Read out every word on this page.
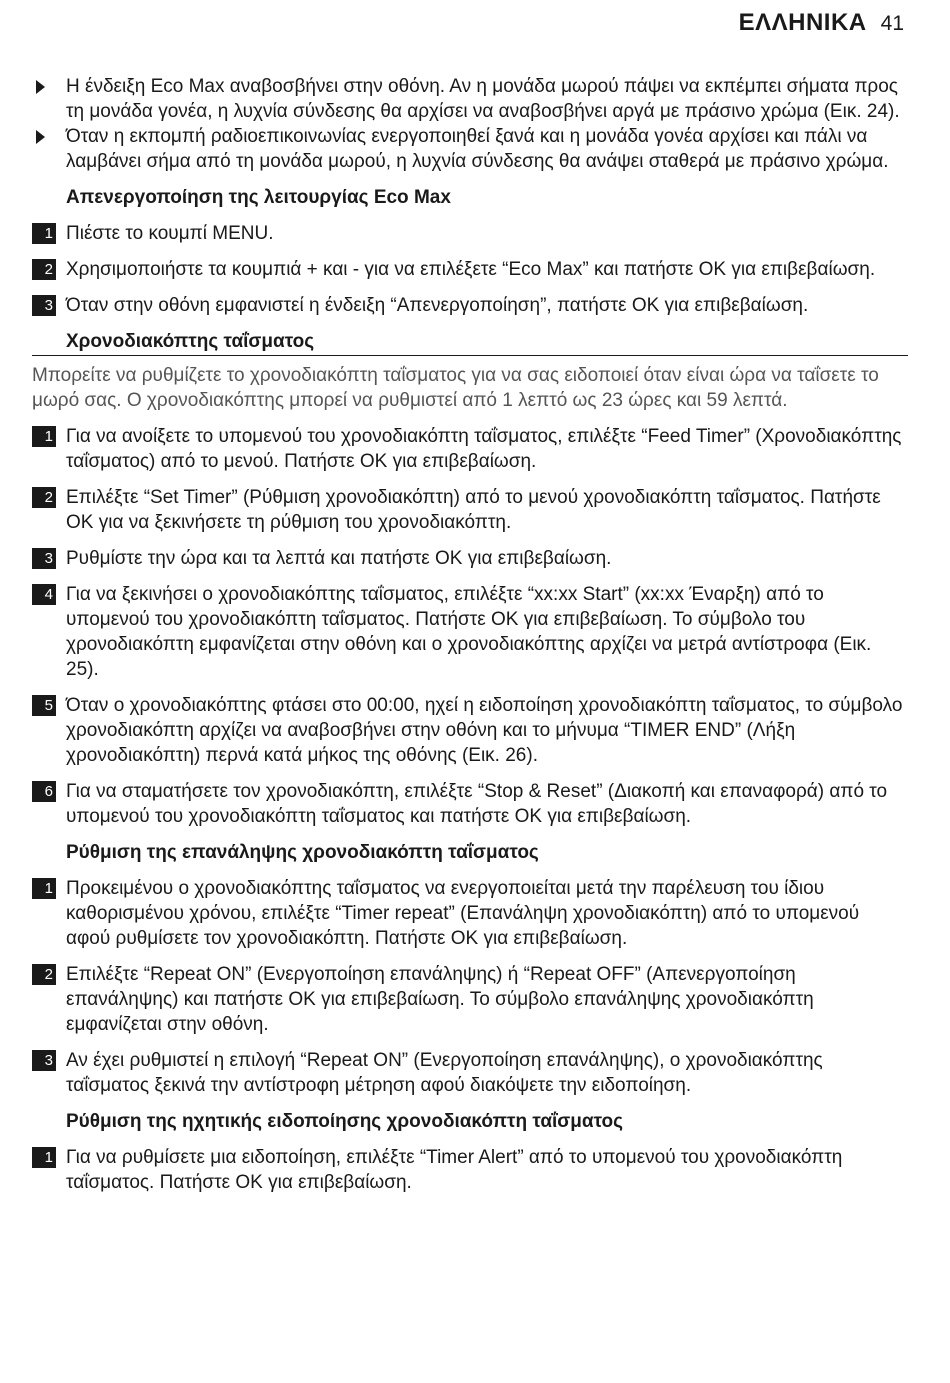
ΕΛΛΗΝΙΚΑ 41
Η ένδειξη Eco Max αναβοσβήνει στην οθόνη. Αν η μονάδα μωρού πάψει να εκπέμπει σήματα προς τη μονάδα γονέα, η λυχνία σύνδεσης θα αρχίσει να αναβοσβήνει αργά με πράσινο χρώμα (Εικ. 24).
Όταν η εκπομπή ραδιοεπικοινωνίας ενεργοποιηθεί ξανά και η μονάδα γονέα αρχίσει και πάλι να λαμβάνει σήμα από τη μονάδα μωρού, η λυχνία σύνδεσης θα ανάψει σταθερά με πράσινο χρώμα.
Απενεργοποίηση της λειτουργίας Eco Max
1 Πιέστε το κουμπί MENU.
2 Χρησιμοποιήστε τα κουμπιά + και - για να επιλέξετε “Eco Max” και πατήστε OK για επιβεβαίωση.
3 Όταν στην οθόνη εμφανιστεί η ένδειξη “Απενεργοποίηση”, πατήστε OK για επιβεβαίωση.
Χρονοδιακόπτης ταΐσματος
Μπορείτε να ρυθμίζετε το χρονοδιακόπτη ταΐσματος για να σας ειδοποιεί όταν είναι ώρα να ταΐσετε το μωρό σας. Ο χρονοδιακόπτης μπορεί να ρυθμιστεί από 1 λεπτό ως 23 ώρες και 59 λεπτά.
1 Για να ανοίξετε το υπομενού του χρονοδιακόπτη ταΐσματος, επιλέξτε “Feed Timer” (Χρονοδιακόπτης ταΐσματος) από το μενού. Πατήστε OK για επιβεβαίωση.
2 Επιλέξτε “Set Timer” (Ρύθμιση χρονοδιακόπτη) από το μενού χρονοδιακόπτη ταΐσματος. Πατήστε OK για να ξεκινήσετε τη ρύθμιση του χρονοδιακόπτη.
3 Ρυθμίστε την ώρα και τα λεπτά και πατήστε OK για επιβεβαίωση.
4 Για να ξεκινήσει ο χρονοδιακόπτης ταΐσματος, επιλέξτε “xx:xx Start” (xx:xx Έναρξη) από το υπομενού του χρονοδιακόπτη ταΐσματος. Πατήστε OK για επιβεβαίωση. Το σύμβολο του χρονοδιακόπτη εμφανίζεται στην οθόνη και ο χρονοδιακόπτης αρχίζει να μετρά αντίστροφα (Εικ. 25).
5 Όταν ο χρονοδιακόπτης φτάσει στο 00:00, ηχεί η ειδοποίηση χρονοδιακόπτη ταΐσματος, το σύμβολο χρονοδιακόπτη αρχίζει να αναβοσβήνει στην οθόνη και το μήνυμα “TIMER END” (Λήξη χρονοδιακόπτη) περνά κατά μήκος της οθόνης (Εικ. 26).
6 Για να σταματήσετε τον χρονοδιακόπτη, επιλέξτε “Stop & Reset” (Διακοπή και επαναφορά) από το υπομενού του χρονοδιακόπτη ταΐσματος και πατήστε OK για επιβεβαίωση.
Ρύθμιση της επανάληψης χρονοδιακόπτη ταΐσματος
1 Προκειμένου ο χρονοδιακόπτης ταΐσματος να ενεργοποιείται μετά την παρέλευση του ίδιου καθορισμένου χρόνου, επιλέξτε “Timer repeat” (Επανάληψη χρονοδιακόπτη) από το υπομενού αφού ρυθμίσετε τον χρονοδιακόπτη. Πατήστε OK για επιβεβαίωση.
2 Επιλέξτε “Repeat ON” (Ενεργοποίηση επανάληψης) ή “Repeat OFF” (Απενεργοποίηση επανάληψης) και πατήστε OK για επιβεβαίωση. Το σύμβολο επανάληψης χρονοδιακόπτη εμφανίζεται στην οθόνη.
3 Αν έχει ρυθμιστεί η επιλογή “Repeat ON” (Ενεργοποίηση επανάληψης), ο χρονοδιακόπτης ταΐσματος ξεκινά την αντίστροφη μέτρηση αφού διακόψετε την ειδοποίηση.
Ρύθμιση της ηχητικής ειδοποίησης χρονοδιακόπτη ταΐσματος
1 Για να ρυθμίσετε μια ειδοποίηση, επιλέξτε “Timer Alert” από το υπομενού του χρονοδιακόπτη ταΐσματος. Πατήστε OK για επιβεβαίωση.
